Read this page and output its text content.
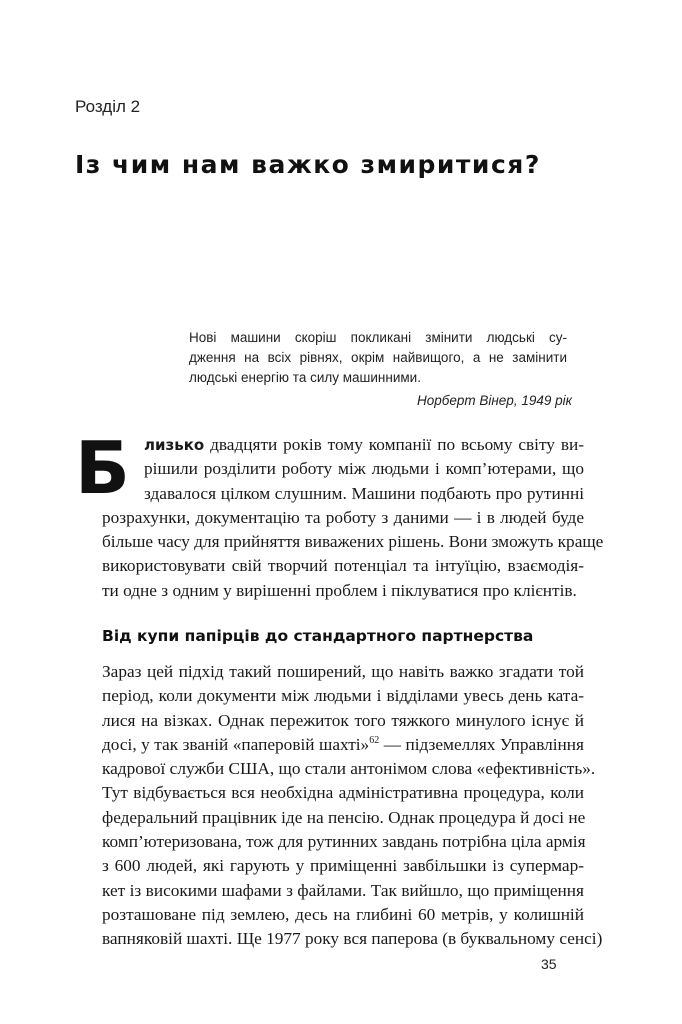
Розділ 2
Із чим нам важко змиритися?
Нові машини скоріш покликані змінити людські су-
дження на всіх рівнях, окрім найвищого, а не замінити
людські енергію та силу машинними.
Норберт Вінер, 1949 рік
Б лизько двадцяти років тому компанії по всьому світу ви-
рішили розділити роботу між людьми і комп’ютерами, що
здавалося цілком слушним. Машини подбають про рутинні
розрахунки, документацію та роботу з даними — і в людей буде
більше часу для прийняття виважених рішень. Вони зможуть краще
використовувати свій творчий потенціал та інтуїцію, взаємодія-
ти одне з одним у вирішенні проблем і піклуватися про клієнтів.
Від купи папірців до стандартного партнерства
Зараз цей підхід такий поширений, що навіть важко згадати той
період, коли документи між людьми і відділами увесь день ката-
лися на візках. Однак пережиток того тяжкого минулого існує й
досі, у так званій «паперовій шахті»$^{62}$ — підземеллях Управління
кадрової служби США, що стали антонімом слова «ефективність».
Тут відбувається вся необхідна адміністративна процедура, коли
федеральний працівник іде на пенсію. Однак процедура й досі не
комп’ютеризована, тож для рутинних завдань потрібна ціла армія
з 600 людей, які гарують у приміщенні завбільшки із супермар-
кет із високими шафами з файлами. Так вийшло, що приміщення
розташоване під землею, десь на глибині 60 метрів, у колишній
вапняковій шахті. Ще 1977 року вся паперова (в буквальному сенсі)
35
